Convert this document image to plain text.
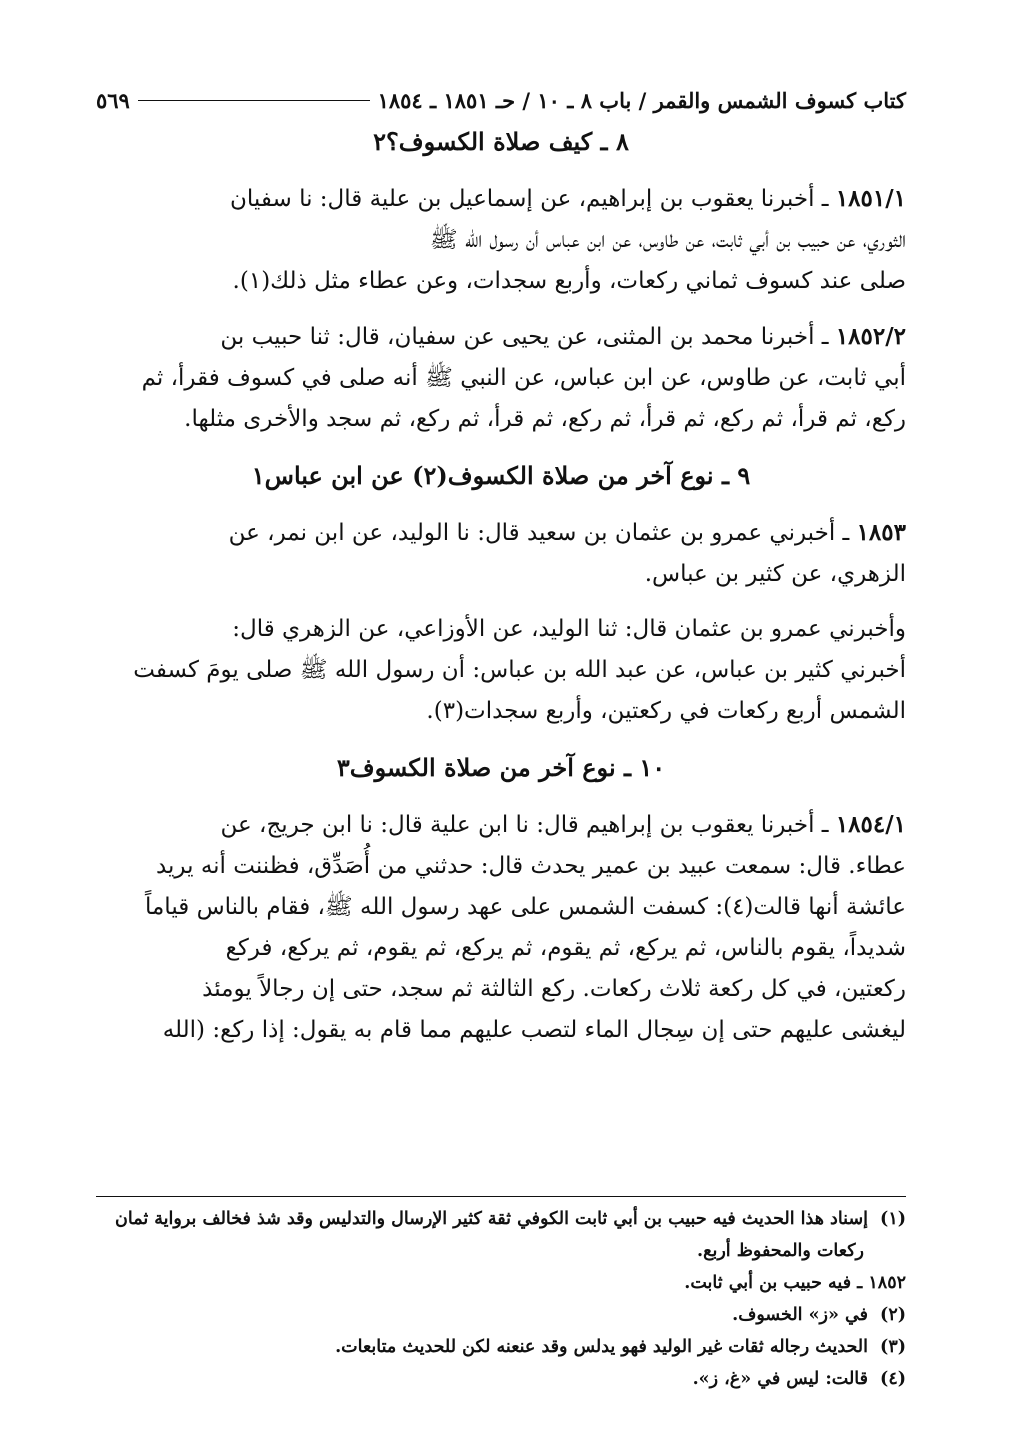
كتاب كسوف الشمس والقمر / باب ٨ ـ ١٠ / حـ ١٨٥١ ـ ١٨٥٤
٥٦٩
٨ ـ كيف صلاة الكسوف؟٢

١٨٥١/١ ـ أخبرنا يعقوب بن إبراهيم، عن إسماعيل بن علية قال: نا سفيان
الثوري، عن حبيب بن أبي ثابت، عن طاوس، عن ابن عباس أن رسول الله ﷺ
صلى عند كسوف ثماني ركعات، وأربع سجدات، وعن عطاء مثل ذلك(١).

١٨٥٢/٢ ـ أخبرنا محمد بن المثنى، عن يحيى عن سفيان، قال: ثنا حبيب بن
أبي ثابت، عن طاوس، عن ابن عباس، عن النبي ﷺ أنه صلى في كسوف فقرأ، ثم
ركع، ثم قرأ، ثم ركع، ثم قرأ، ثم ركع، ثم قرأ، ثم ركع، ثم سجد والأخرى مثلها.

٩ ـ نوع آخر من صلاة الكسوف(٢) عن ابن عباس١

١٨٥٣ ـ أخبرني عمرو بن عثمان بن سعيد قال: نا الوليد، عن ابن نمر، عن
الزهري، عن كثير بن عباس.

وأخبرني عمرو بن عثمان قال: ثنا الوليد، عن الأوزاعي، عن الزهري قال:
أخبرني كثير بن عباس، عن عبد الله بن عباس: أن رسول الله ﷺ صلى يومَ كسفت
الشمس أربع ركعات في ركعتين، وأربع سجدات(٣).

١٠ ـ نوع آخر من صلاة الكسوف٣

١٨٥٤/١ ـ أخبرنا يعقوب بن إبراهيم قال: نا ابن علية قال: نا ابن جريج، عن
عطاء. قال: سمعت عبيد بن عمير يحدث قال: حدثني من أُصَدِّق، فظننت أنه يريد
عائشة أنها قالت(٤): كسفت الشمس على عهد رسول الله ﷺ، فقام بالناس قياماً
شديداً، يقوم بالناس، ثم يركع، ثم يقوم، ثم يركع، ثم يقوم، ثم يركع، فركع
ركعتين، في كل ركعة ثلاث ركعات. ركع الثالثة ثم سجد، حتى إن رجالاً يومئذ
ليغشى عليهم حتى إن سِجال الماء لتصب عليهم مما قام به يقول: إذا ركع: (الله

(١)إسناد هذا الحديث فيه حبيب بن أبي ثابت الكوفي ثقة كثير الإرسال والتدليس وقد شذ فخالف برواية ثمان

ركعات والمحفوظ أربع.

١٨٥٢ ـ فيه حبيب بن أبي ثابت.

(٢)في «ز» الخسوف.

(٣)الحديث رجاله ثقات غير الوليد فهو يدلس وقد عنعنه لكن للحديث متابعات.

(٤)قالت: ليس في «غ، ز».
